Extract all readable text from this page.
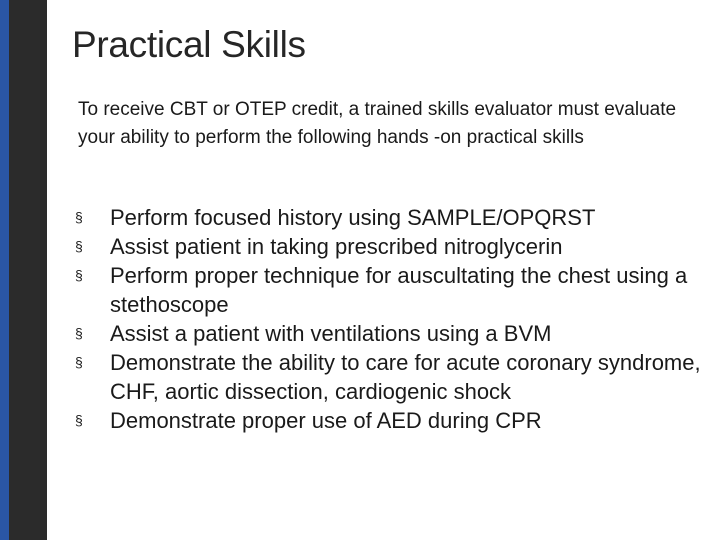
Practical Skills

To receive CBT or OTEP credit, a trained skills evaluator must evaluate your ability to perform the following hands -on practical skills

§ Perform focused history using SAMPLE/OPQRST
§ Assist patient in taking prescribed nitroglycerin
§ Perform proper technique for auscultating the chest using a stethoscope
§ Assist a patient with ventilations using a BVM
§ Demonstrate the ability to care for acute coronary syndrome, CHF, aortic dissection, cardiogenic shock
§ Demonstrate proper use of AED during CPR
